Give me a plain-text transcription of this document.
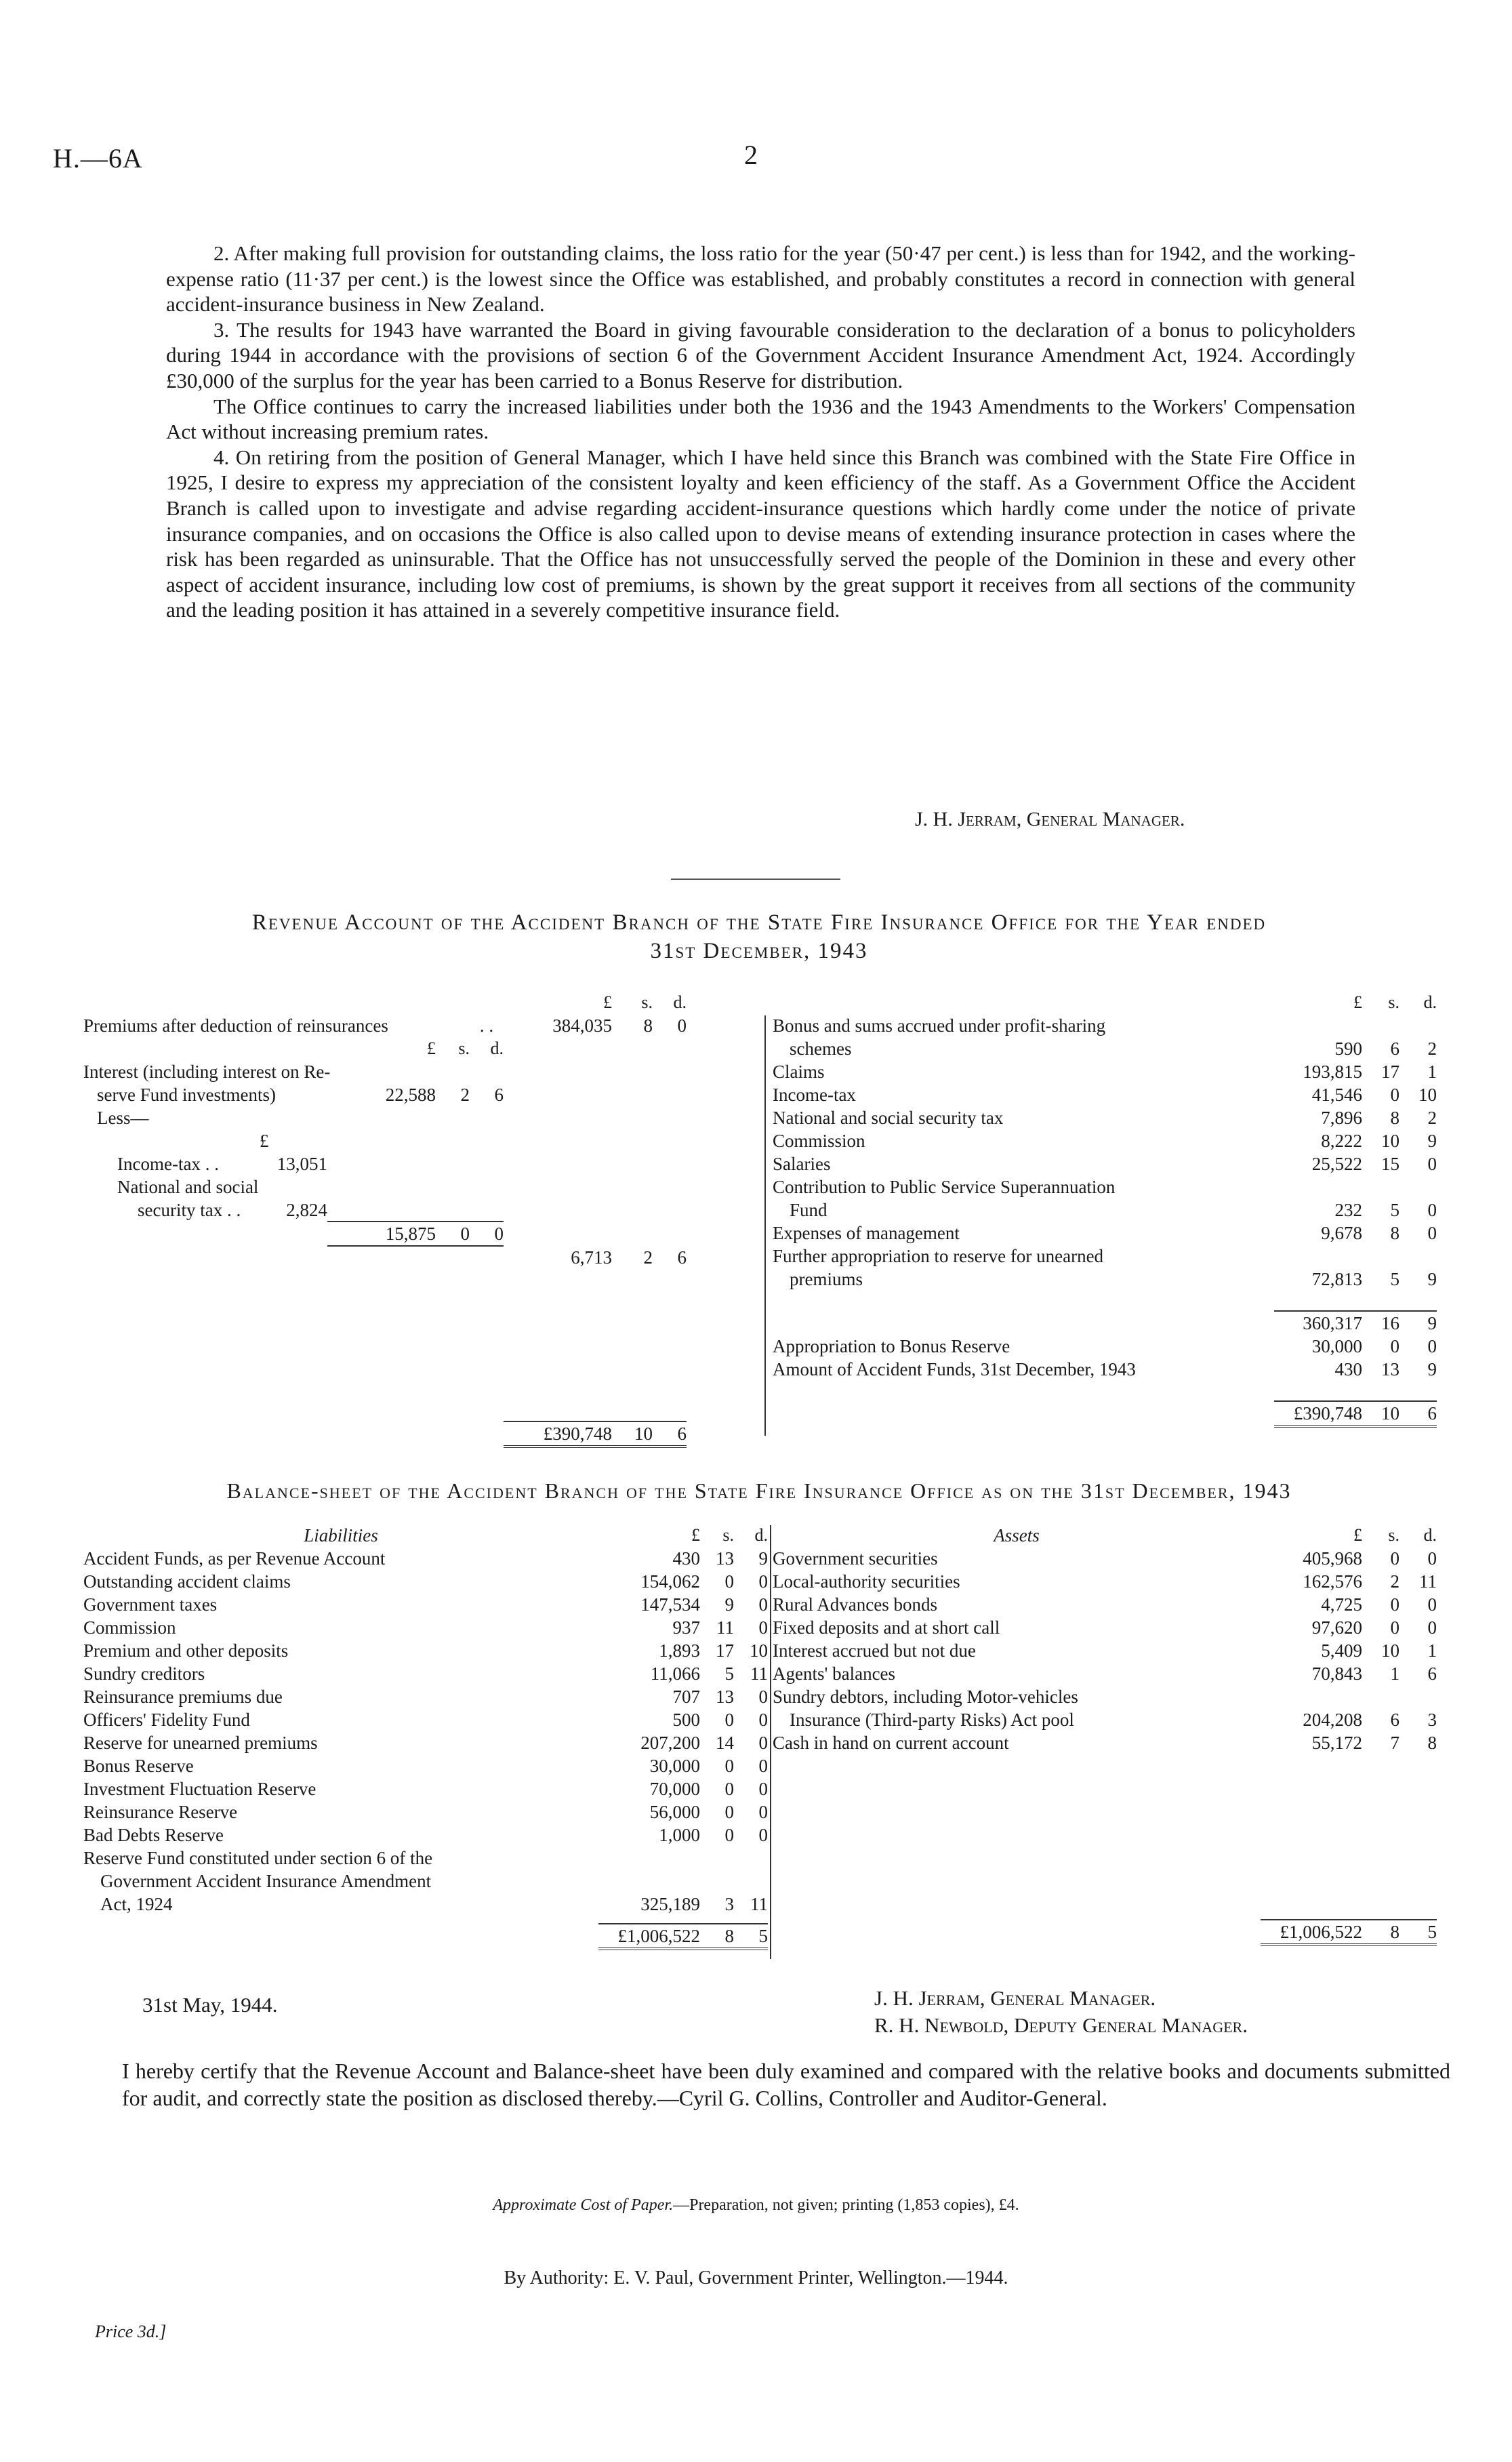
H.—6A	2

2. After making full provision for outstanding claims, the loss ratio for the year (50·47 per cent.) is less than for 1942, and the working-expense ratio (11·37 per cent.) is the lowest since the Office was established, and probably constitutes a record in connection with general accident-insurance business in New Zealand.

3. The results for 1943 have warranted the Board in giving favourable consideration to the declaration of a bonus to policyholders during 1944 in accordance with the provisions of section 6 of the Government Accident Insurance Amendment Act, 1924. Accordingly £30,000 of the surplus for the year has been carried to a Bonus Reserve for distribution.

The Office continues to carry the increased liabilities under both the 1936 and the 1943 Amendments to the Workers' Compensation Act without increasing premium rates.

4. On retiring from the position of General Manager, which I have held since this Branch was combined with the State Fire Office in 1925, I desire to express my appreciation of the consistent loyalty and keen efficiency of the staff. As a Government Office the Accident Branch is called upon to investigate and advise regarding accident-insurance questions which hardly come under the notice of private insurance companies, and on occasions the Office is also called upon to devise means of extending insurance protection in cases where the risk has been regarded as uninsurable. That the Office has not unsuccessfully served the people of the Dominion in these and every other aspect of accident insurance, including low cost of premiums, is shown by the great support it receives from all sections of the community and the leading position it has attained in a severely competitive insurance field.

J. H. Jerram, General Manager.
Revenue Account of the Accident Branch of the State Fire Insurance Office for the Year ended
31st December, 1943
				£	s.	d.	
Premiums after deduction of reinsurances			. .	384,035	8	0	
	£	s.	d.				
Interest (including interest on Re-							
serve Fund investments)	22,588	2	6				
Less—							
£							
Income-tax . . 13,051							

National and social							
security tax . . 2,824							

	15,875	0	0				
				6,713	2	6	

				£390,748	10	6	
	£	s.	d.
Bonus and sums accrued under profit-sharing			
schemes	590	6	2
Claims	193,815	17	1
Income-tax	41,546	0	10
National and social security tax	7,896	8	2
Commission	8,222	10	9
Salaries	25,522	15	0
Contribution to Public Service Superannuation			
Fund	232	5	0
Expenses of management	9,678	8	0
Further appropriation to reserve for unearned			
premiums	72,813	5	9

	360,317	16	9
Appropriation to Bonus Reserve	30,000	0	0
Amount of Accident Funds, 31st December, 1943	430	13	9

	£390,748	10	6
Balance-sheet of the Accident Branch of the State Fire Insurance Office as on the 31st December, 1943
Liabilities	£	s.	d.
Accident Funds, as per Revenue Account	430	13	9
Outstanding accident claims	154,062	0	0
Government taxes	147,534	9	0
Commission	937	11	0
Premium and other deposits	1,893	17	10
Sundry creditors	11,066	5	11
Reinsurance premiums due	707	13	0
Officers' Fidelity Fund	500	0	0
Reserve for unearned premiums	207,200	14	0
Bonus Reserve	30,000	0	0
Investment Fluctuation Reserve	70,000	0	0
Reinsurance Reserve	56,000	0	0
Bad Debts Reserve	1,000	0	0
Reserve Fund constituted under section 6 of the			
Government Accident Insurance Amendment			
Act, 1924	325,189	3	11

	£1,006,522	8	5
Assets	£	s.	d.
Government securities	405,968	0	0
Local-authority securities	162,576	2	11
Rural Advances bonds	4,725	0	0
Fixed deposits and at short call	97,620	0	0
Interest accrued but not due	5,409	10	1
Agents' balances	70,843	1	6
Sundry debtors, including Motor-vehicles			
Insurance (Third-party Risks) Act pool	204,208	6	3
Cash in hand on current account	55,172	7	8

	£1,006,522	8	5
31st May, 1944.	J. H. Jerram, General Manager.
R. H. Newbold, Deputy General Manager.
I hereby certify that the Revenue Account and Balance-sheet have been duly examined and compared with the relative books and documents submitted for audit, and correctly state the position as disclosed thereby.—Cyril G. Collins, Controller and Auditor-General.
Approximate Cost of Paper.—Preparation, not given; printing (1,853 copies), £4.
By Authority: E. V. Paul, Government Printer, Wellington.—1944.
Price 3d.]
